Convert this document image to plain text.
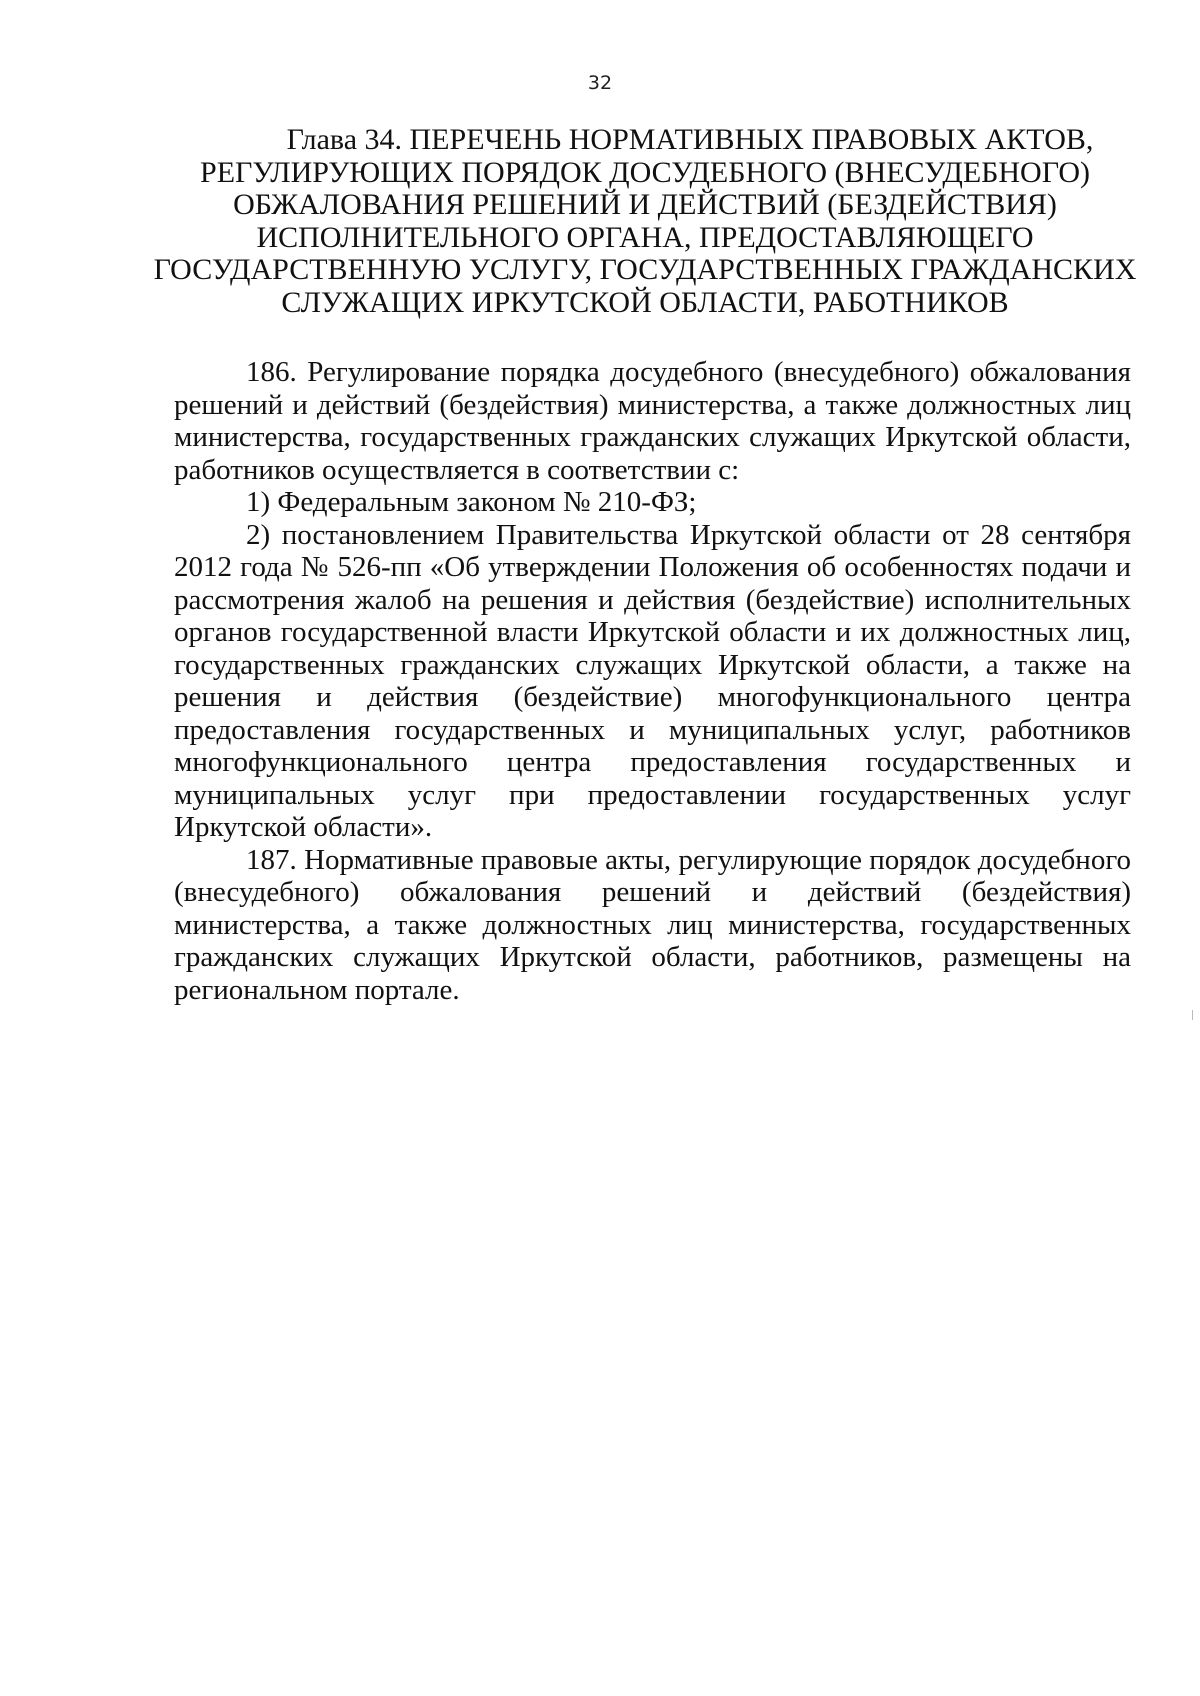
32
Глава 34. ПЕРЕЧЕНЬ НОРМАТИВНЫХ ПРАВОВЫХ АКТОВ,
РЕГУЛИРУЮЩИХ ПОРЯДОК ДОСУДЕБНОГО (ВНЕСУДЕБНОГО)
ОБЖАЛОВАНИЯ РЕШЕНИЙ И ДЕЙСТВИЙ (БЕЗДЕЙСТВИЯ)
ИСПОЛНИТЕЛЬНОГО ОРГАНА, ПРЕДОСТАВЛЯЮЩЕГО
ГОСУДАРСТВЕННУЮ УСЛУГУ, ГОСУДАРСТВЕННЫХ ГРАЖДАНСКИХ
СЛУЖАЩИХ ИРКУТСКОЙ ОБЛАСТИ, РАБОТНИКОВ

186. Регулирование порядка досудебного (внесудебного) обжалования решений и действий (бездействия) министерства, а также должностных лиц министерства, государственных гражданских служащих Иркутской области, работников осуществляется в соответствии с:

1) Федеральным законом № 210-ФЗ;

2) постановлением Правительства Иркутской области от 28 сентября 2012 года № 526-пп «Об утверждении Положения об особенностях подачи и рассмотрения жалоб на решения и действия (бездействие) исполнительных органов государственной власти Иркутской области и их должностных лиц, государственных гражданских служащих Иркутской области, а также на решения и действия (бездействие) многофункционального центра предоставления государственных и муниципальных услуг, работников многофункционального центра предоставления государственных и муниципальных услуг при предоставлении государственных услуг Иркутской области».

187. Нормативные правовые акты, регулирующие порядок досудебного (внесудебного) обжалования решений и действий (бездействия) министерства, а также должностных лиц министерства, государственных гражданских служащих Иркутской области, работников, размещены на региональном портале.
